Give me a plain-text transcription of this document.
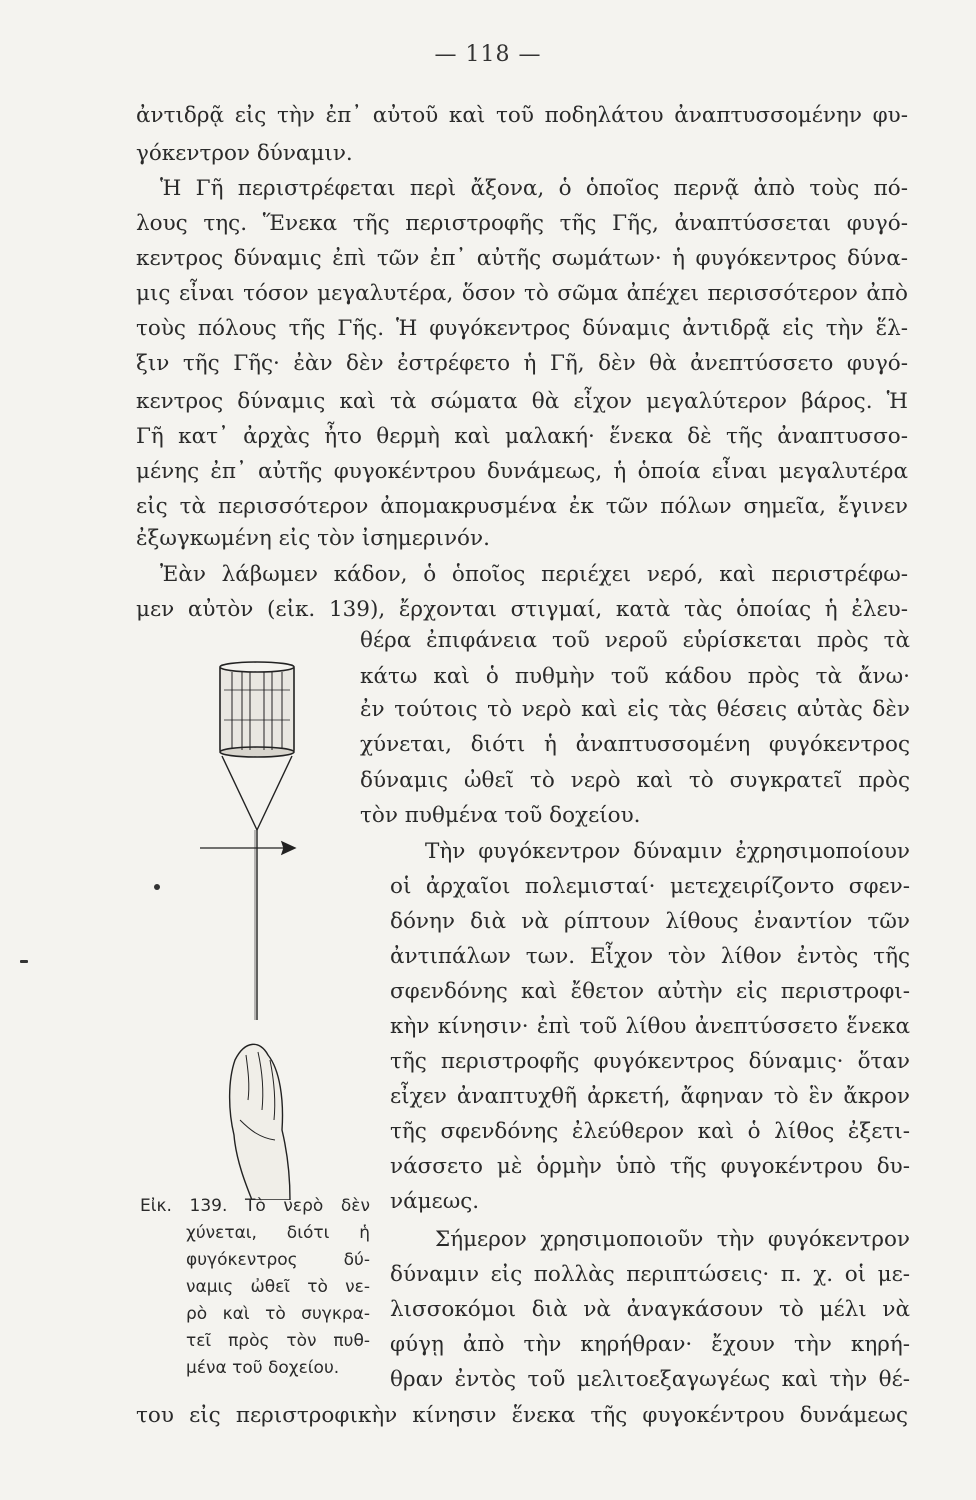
— 118 —
ἀντιδρᾷ εἰς τὴν ἐπ᾽ αὐτοῦ καὶ τοῦ ποδηλάτου ἀναπτυσσομένην φυ-
γόκεντρον δύναμιν.
Ἡ Γῆ περιστρέφεται περὶ ἄξονα, ὁ ὁποῖος περνᾷ ἀπὸ τοὺς πό-
λους της. Ἕνεκα τῆς περιστροφῆς τῆς Γῆς, ἀναπτύσσεται φυγό-
κεντρος δύναμις ἐπὶ τῶν ἐπ᾽ αὐτῆς σωμάτων· ἡ φυγόκεντρος δύνα-
μις εἶναι τόσον μεγαλυτέρα, ὅσον τὸ σῶμα ἀπέχει περισσότερον ἀπὸ
τοὺς πόλους τῆς Γῆς. Ἡ φυγόκεντρος δύναμις ἀντιδρᾷ εἰς τὴν ἕλ-
ξιν τῆς Γῆς· ἐὰν δὲν ἐστρέφετο ἡ Γῆ, δὲν θὰ ἀνεπτύσσετο φυγό-
κεντρος δύναμις καὶ τὰ σώματα θὰ εἶχον μεγαλύτερον βάρος. Ἡ
Γῆ κατ᾽ ἀρχὰς ἦτο θερμὴ καὶ μαλακή· ἕνεκα δὲ τῆς ἀναπτυσσο-
μένης ἐπ᾽ αὐτῆς φυγοκέντρου δυνάμεως, ἡ ὁποία εἶναι μεγαλυτέρα
εἰς τὰ περισσότερον ἀπομακρυσμένα ἐκ τῶν πόλων σημεῖα, ἔγινεν
ἐξωγκωμένη εἰς τὸν ἰσημερινόν.
Ἐὰν λάβωμεν κάδον, ὁ ὁποῖος περιέχει νερό, καὶ περιστρέφω-
μεν αὐτὸν (εἰκ. 139), ἔρχονται στιγμαί, κατὰ τὰς ὁποίας ἡ ἐλευ-
θέρα ἐπιφάνεια τοῦ νεροῦ εὑρίσκεται πρὸς τὰ
κάτω καὶ ὁ πυθμὴν τοῦ κάδου πρὸς τὰ ἄνω·
ἐν τούτοις τὸ νερὸ καὶ εἰς τὰς θέσεις αὐτὰς δὲν
χύνεται, διότι ἡ ἀναπτυσσομένη φυγόκεντρος
δύναμις ὠθεῖ τὸ νερὸ καὶ τὸ συγκρατεῖ πρὸς
τὸν πυθμένα τοῦ δοχείου.
Τὴν φυγόκεντρον δύναμιν ἐχρησιμοποίουν
οἱ ἀρχαῖοι πολεμισταί· μετεχειρίζοντο σφεν-
δόνην διὰ νὰ ρίπτουν λίθους ἐναντίον τῶν
ἀντιπάλων των. Εἶχον τὸν λίθον ἐντὸς τῆς
σφενδόνης καὶ ἔθετον αὐτὴν εἰς περιστροφι-
κὴν κίνησιν· ἐπὶ τοῦ λίθου ἀνεπτύσσετο ἕνεκα
τῆς περιστροφῆς φυγόκεντρος δύναμις· ὅταν
εἶχεν ἀναπτυχθῆ ἀρκετή, ἄφηναν τὸ ἓν ἄκρον
τῆς σφενδόνης ἐλεύθερον καὶ ὁ λίθος ἐξετι-
νάσσετο μὲ ὁρμὴν ὑπὸ τῆς φυγοκέντρου δυ-
νάμεως.
Σήμερον χρησιμοποιοῦν τὴν φυγόκεντρον
δύναμιν εἰς πολλὰς περιπτώσεις· π. χ. οἱ με-
λισσοκόμοι διὰ νὰ ἀναγκάσουν τὸ μέλι νὰ
φύγῃ ἀπὸ τὴν κηρήθραν· ἔχουν τὴν κηρή-
θραν ἐντὸς τοῦ μελιτοεξαγωγέως καὶ τὴν θέ-
του εἰς περιστροφικὴν κίνησιν ἕνεκα τῆς φυγοκέντρου δυνάμεως
Εἰκ. 139. Τὸ νερὸ δὲν
χύνεται, διότι ἡ
φυγόκεντρος δύ-
ναμις ὠθεῖ τὸ νε-
ρὸ καὶ τὸ συγκρα-
τεῖ πρὸς τὸν πυθ-
μένα τοῦ δοχείου.
